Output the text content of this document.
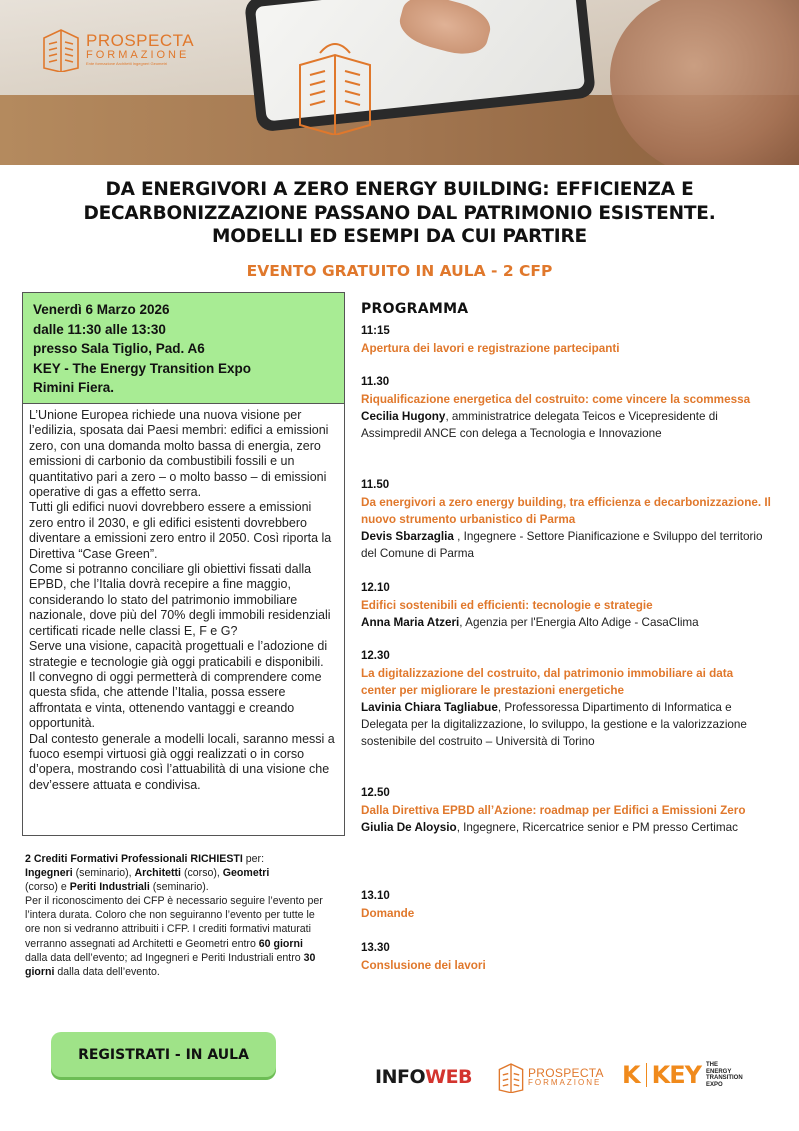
PROSPECTA
FORMAZIONE
Ente formazione Architetti Ingegneri Geometri
DA ENERGIVORI A ZERO ENERGY BUILDING: EFFICIENZA E
DECARBONIZZAZIONE PASSANO DAL PATRIMONIO ESISTENTE.
MODELLI ED ESEMPI DA CUI PARTIRE
EVENTO GRATUITO IN AULA - 2 CFP
Venerdì 6 Marzo 2026
dalle 11:30 alle 13:30
presso Sala Tiglio, Pad. A6
KEY - The Energy Transition Expo
Rimini Fiera.

L’Unione Europea richiede una nuova visione per l’edilizia, sposata dai Paesi membri: edifici a emissioni zero, con una domanda molto bassa di energia, zero emissioni di carbonio da combustibili fossili e un quantitativo pari a zero – o molto basso – di emissioni operative di gas a effetto serra.

Tutti gli edifici nuovi dovrebbero essere a emissioni zero entro il 2030, e gli edifici esistenti dovrebbero diventare a emissioni zero entro il 2050. Così riporta la Direttiva “Case Green”.

Come si potranno conciliare gli obiettivi fissati dalla EPBD, che l’Italia dovrà recepire a fine maggio, considerando lo stato del patrimonio immobiliare nazionale, dove più del 70% degli immobili residenziali certificati ricade nelle classi E, F e G?

Serve una visione, capacità progettuali e l’adozione di strategie e tecnologie già oggi praticabili e disponibili.

Il convegno di oggi permetterà di comprendere come questa sfida, che attende l’Italia, possa essere affrontata e vinta, ottenendo vantaggi e creando opportunità.

Dal contesto generale a modelli locali, saranno messi a fuoco esempi virtuosi già oggi realizzati o in corso d’opera, mostrando così l’attuabilità di una visione che dev’essere attuata e condivisa.

2 Crediti Formativi Professionali RICHIESTI per:
Ingegneri (seminario), Architetti (corso), Geometri
(corso) e Periti Industriali (seminario).
Per il riconoscimento dei CFP è necessario seguire l’evento per l’intera durata. Coloro che non seguiranno l’evento per tutte le ore non si vedranno attribuiti i CFP. I crediti formativi maturati verranno assegnati ad Architetti e Geometri entro 60 giorni dalla data dell’evento; ad Ingegneri e Periti Industriali entro 30 giorni dalla data dell’evento.
REGISTRATI - IN AULA
PROGRAMMA
11:15
Apertura dei lavori e registrazione partecipanti
11.30
Riqualificazione energetica del costruito: come vincere la scommessa
Cecilia Hugony, amministratrice delegata Teicos e Vicepresidente di Assimpredil ANCE con delega a Tecnologia e Innovazione
11.50
Da energivori a zero energy building, tra efficienza e decarbonizzazione. Il nuovo strumento urbanistico di Parma
Devis Sbarzaglia , Ingegnere - Settore Pianificazione e Sviluppo del territorio del Comune di Parma
12.10
Edifici sostenibili ed efficienti: tecnologie e strategie
Anna Maria Atzeri, Agenzia per l'Energia Alto Adige - CasaClima
12.30
La digitalizzazione del costruito, dal patrimonio immobiliare ai data center per migliorare le prestazioni energetiche
Lavinia Chiara Tagliabue, Professoressa Dipartimento di Informatica e Delegata per la digitalizzazione, lo sviluppo, la gestione e la valorizzazione sostenibile del costruito – Università di Torino
12.50
Dalla Direttiva EPBD all’Azione: roadmap per Edifici a Emissioni Zero
Giulia De Aloysio, Ingegnere, Ricercatrice senior e PM presso Certimac
13.10
Domande
13.30
Conslusione dei lavori
INFOWEB	PROSPECTA
FORMAZIONE K KEY THE ENERGY TRANSITION EXPO
